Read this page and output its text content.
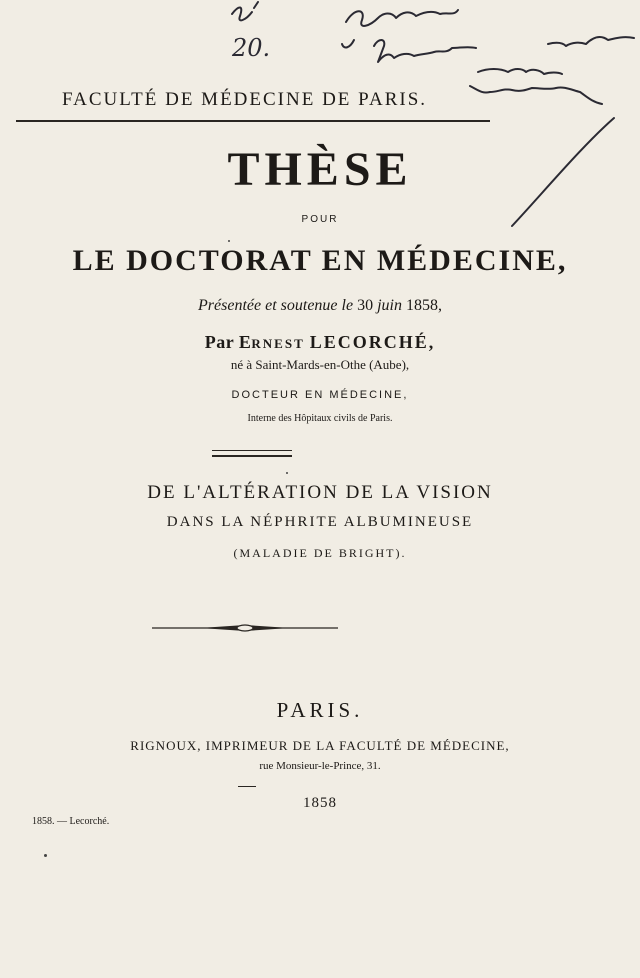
20.
FACULTÉ DE MÉDECINE DE PARIS.
THÈSE
POUR
LE DOCTORAT EN MÉDECINE,
Présentée et soutenue le 30 juin 1858,
Par ERNEST LECORCHÉ,
né à Saint-Mards-en-Othe (Aube),
DOCTEUR EN MÉDECINE,
Interne des Hôpitaux civils de Paris.
DE L'ALTÉRATION DE LA VISION
DANS LA NÉPHRITE ALBUMINEUSE
(MALADIE DE BRIGHT).
PARIS.
RIGNOUX, IMPRIMEUR DE LA FACULTÉ DE MÉDECINE,
rue Monsieur-le-Prince, 31.
1858
1858. — Lecorché.
